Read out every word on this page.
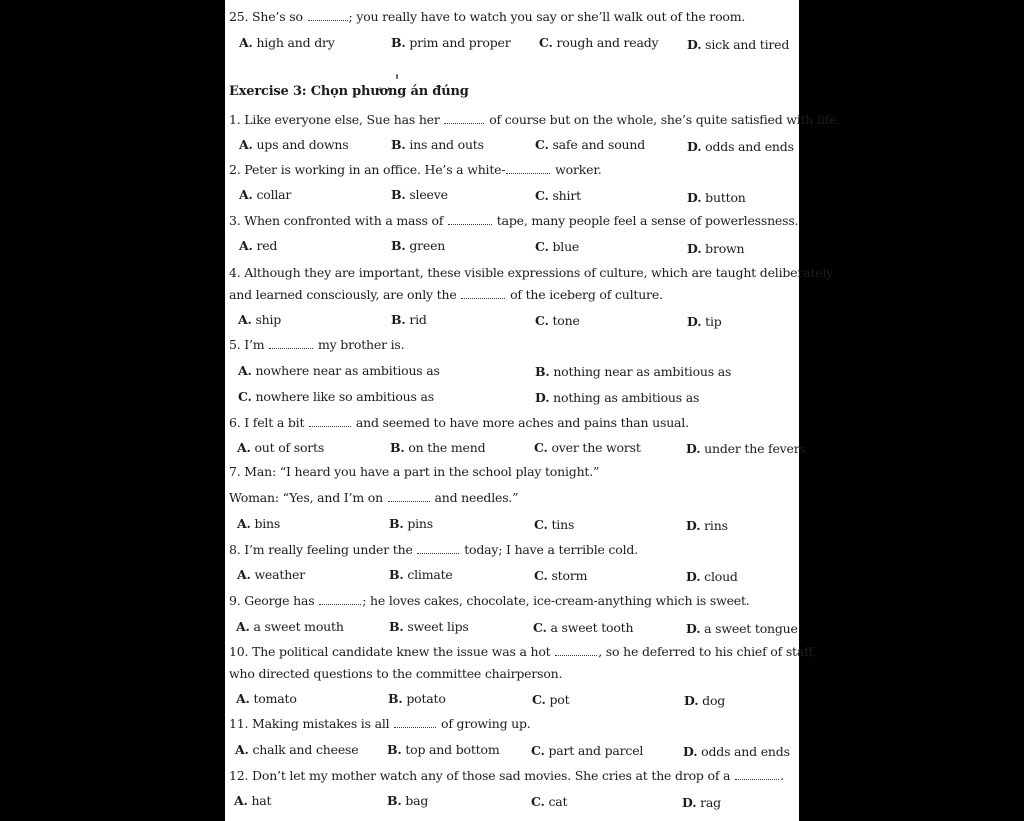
25. She’s so	; you really have to watch you say or she’ll walk out of the room.
A. high and dry	B. prim and proper C. rough and ready D. sick and tired
Exercise 3: Chọn phương án đúng
1. Like everyone else, Sue has her	of course but on the whole, she’s quite satisfied with life.
A. ups and downs	B. ins and outs	C. safe and sound	D. odds and ends
2. Peter is working in an office. He’s a white-	worker.
A. collar	B. sleeve	C. shirt	D. button
3. When confronted with a mass of	tape, many people feel a sense of powerlessness.
A. red	B. green	C. blue	D. brown
4. Although they are important, these visible expressions of culture, which are taught deliberately
and learned consciously, are only the	of the iceberg of culture.
A. ship	B. rid	C. tone	D. tip
5. I’m	my brother is.
A. nowhere near as ambitious as	B. nothing near as ambitious as
C. nowhere like so ambitious as	D. nothing as ambitious as
6. I felt a bit	and seemed to have more aches and pains than usual.
A. out of sorts	B. on the mend	C. over the worst	D. under the fevers
7. Man: “I heard you have a part in the school play tonight.”
Woman: “Yes, and I’m on	and needles.”
A. bins	B. pins	C. tins	D. rins
8. I’m really feeling under the	today; I have a terrible cold.
A. weather	B. climate	C. storm	D. cloud
9. George has	; he loves cakes, chocolate, ice-cream-anything which is sweet.
A. a sweet mouth	B. sweet lips	C. a sweet tooth	D. a sweet tongue
10. The political candidate knew the issue was a hot	, so he deferred to his chief of staff,
who directed questions to the committee chairperson.
A. tomato	B. potato	C. pot	D. dog
11. Making mistakes is all	of growing up.
A. chalk and cheese B. top and bottom	C. part and parcel	D. odds and ends
12. Don’t let my mother watch any of those sad movies. She cries at the drop of a	.
A. hat	B. bag	C. cat	D. rag
